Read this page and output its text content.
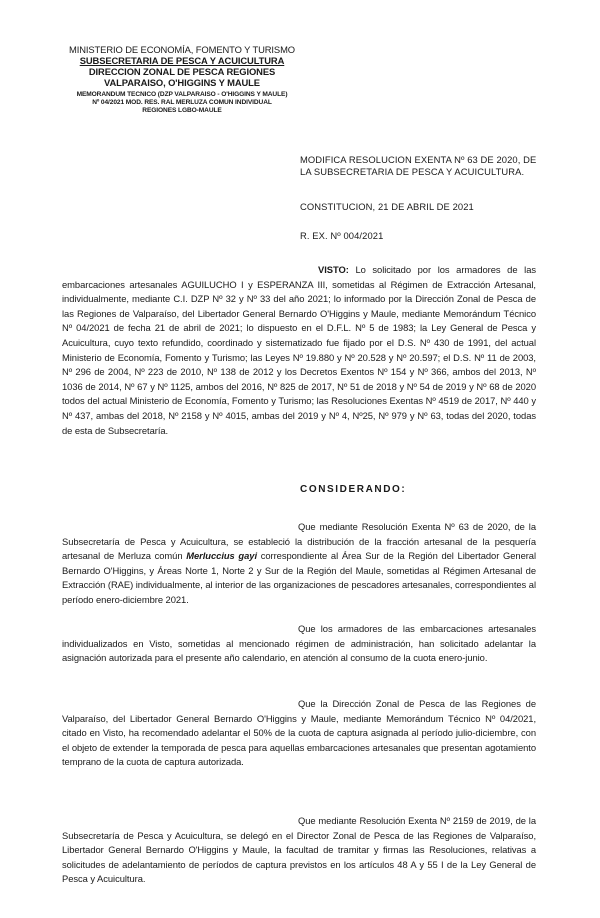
MINISTERIO DE ECONOMÍA, FOMENTO Y TURISMO
SUBSECRETARIA DE PESCA Y ACUICULTURA
DIRECCION ZONAL DE PESCA REGIONES
VALPARAISO, O'HIGGINS Y MAULE
MEMORANDUM TECNICO (DZP VALPARAISO - O'HIGGINS Y MAULE)
Nº 04/2021 MOD. RES. RAL MERLUZA COMUN INDIVIDUAL
REGIONES LGBO-MAULE
MODIFICA RESOLUCION EXENTA Nº 63 DE 2020, DE LA SUBSECRETARIA DE PESCA Y ACUICULTURA.
CONSTITUCION, 21 DE ABRIL DE 2021
R. EX. Nº 004/2021
VISTO: Lo solicitado por los armadores de las embarcaciones artesanales AGUILUCHO I y ESPERANZA III, sometidas al Régimen de Extracción Artesanal, individualmente, mediante C.I. DZP Nº 32 y Nº 33 del año 2021; lo informado por la Dirección Zonal de Pesca de las Regiones de Valparaíso, del Libertador General Bernardo O'Higgins y Maule, mediante Memorándum Técnico Nº 04/2021 de fecha 21 de abril de 2021; lo dispuesto en el D.F.L. Nº 5 de 1983; la Ley General de Pesca y Acuicultura, cuyo texto refundido, coordinado y sistematizado fue fijado por el D.S. Nº 430 de 1991, del actual Ministerio de Economía, Fomento y Turismo; las Leyes Nº 19.880 y Nº 20.528 y Nº 20.597; el D.S. Nº 11 de 2003, Nº 296 de 2004, Nº 223 de 2010, Nº 138 de 2012 y los Decretos Exentos Nº 154 y Nº 366, ambos del 2013, Nº 1036 de 2014, Nº 67 y Nº 1125, ambos del 2016, Nº 825 de 2017, Nº 51 de 2018 y Nº 54 de 2019 y Nº 68 de 2020 todos del actual Ministerio de Economía, Fomento y Turismo; las Resoluciones Exentas Nº 4519 de 2017, Nº 440 y Nº 437, ambas del 2018, Nº 2158 y Nº 4015, ambas del 2019 y Nº 4, Nº25, Nº 979 y Nº 63, todas del 2020, todas de esta de Subsecretaría.
CONSIDERANDO:
Que mediante Resolución Exenta Nº 63 de 2020, de la Subsecretaría de Pesca y Acuicultura, se estableció la distribución de la fracción artesanal de la pesquería artesanal de Merluza común Merluccius gayi correspondiente al Área Sur de la Región del Libertador General Bernardo O'Higgins, y Áreas Norte 1, Norte 2 y Sur de la Región del Maule, sometidas al Régimen Artesanal de Extracción (RAE) individualmente, al interior de las organizaciones de pescadores artesanales, correspondientes al período enero-diciembre 2021.
Que los armadores de las embarcaciones artesanales individualizados en Visto, sometidas al mencionado régimen de administración, han solicitado adelantar la asignación autorizada para el presente año calendario, en atención al consumo de la cuota enero-junio.
Que la Dirección Zonal de Pesca de las Regiones de Valparaíso, del Libertador General Bernardo O'Higgins y Maule, mediante Memorándum Técnico Nº 04/2021, citado en Visto, ha recomendado adelantar el 50% de la cuota de captura asignada al período julio-diciembre, con el objeto de extender la temporada de pesca para aquellas embarcaciones artesanales que presentan agotamiento temprano de la cuota de captura autorizada.
Que mediante Resolución Exenta Nº 2159 de 2019, de la Subsecretaría de Pesca y Acuicultura, se delegó en el Director Zonal de Pesca de las Regiones de Valparaíso, Libertador General Bernardo O'Higgins y Maule, la facultad de tramitar y firmas las Resoluciones, relativas a solicitudes de adelantamiento de períodos de captura previstos en los artículos 48 A y 55 I de la Ley General de Pesca y Acuicultura.
